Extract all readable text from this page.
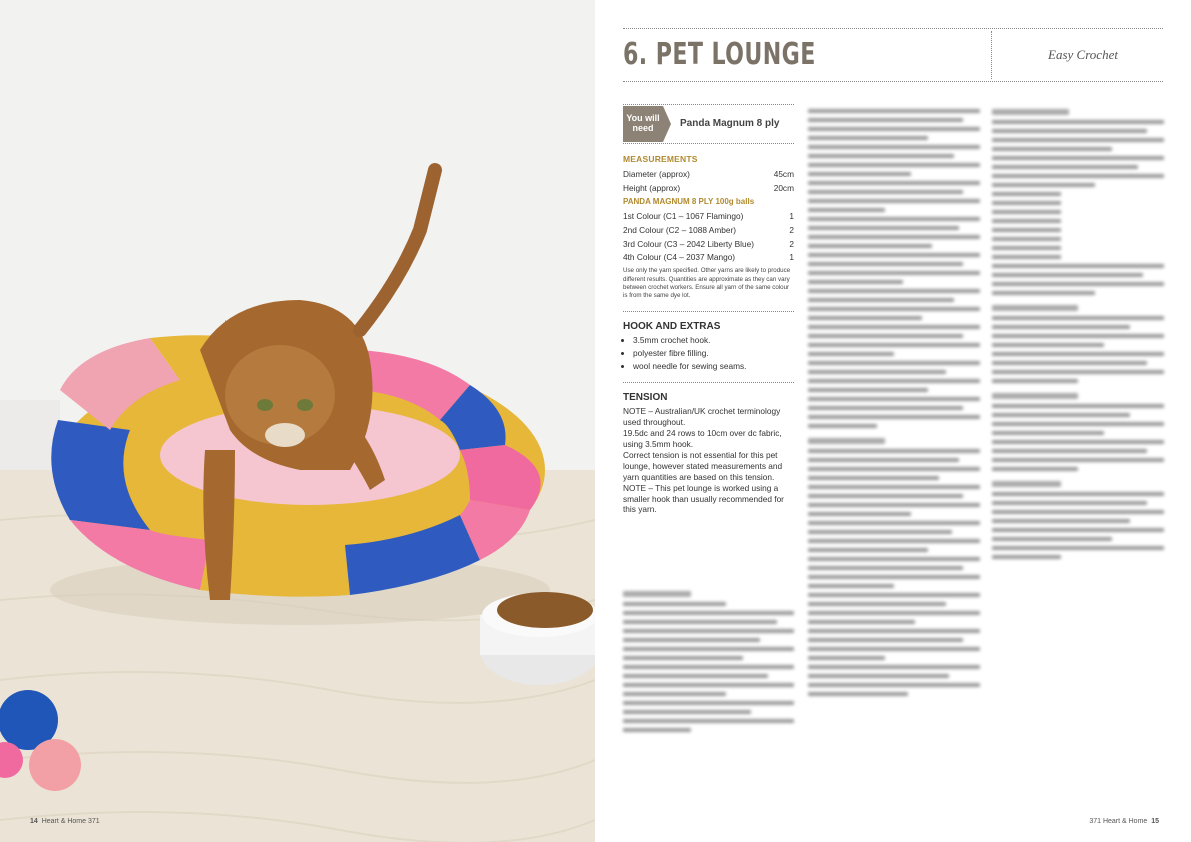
14 Heart & Home 371	371 Heart & Home 15
6. PET LOUNGE	Easy Crochet
You will need	Panda Magnum 8 ply
MEASUREMENTS
Diameter (approx)	45cm
Height (approx)	20cm
PANDA MAGNUM 8 PLY 100g balls
1st Colour (C1 – 1067 Flamingo)	1
2nd Colour (C2 – 1088 Amber)	2
3rd Colour (C3 – 2042 Liberty Blue)	2
4th Colour (C4 – 2037 Mango)	1
Use only the yarn specified. Other yarns are likely to produce different results. Quantities are approximate as they can vary between crochet workers. Ensure all yarn of the same colour is from the same dye lot.
HOOK AND EXTRAS
• 3.5mm crochet hook.
• polyester fibre filling.
• wool needle for sewing seams.
TENSION
NOTE – Australian/UK crochet terminology used throughout.
19.5dc and 24 rows to 10cm over dc fabric, using 3.5mm hook.
Correct tension is not essential for this pet lounge, however stated measurements and yarn quantities are based on this tension.
NOTE – This pet lounge is worked using a smaller hook than usually recommended for this yarn.
